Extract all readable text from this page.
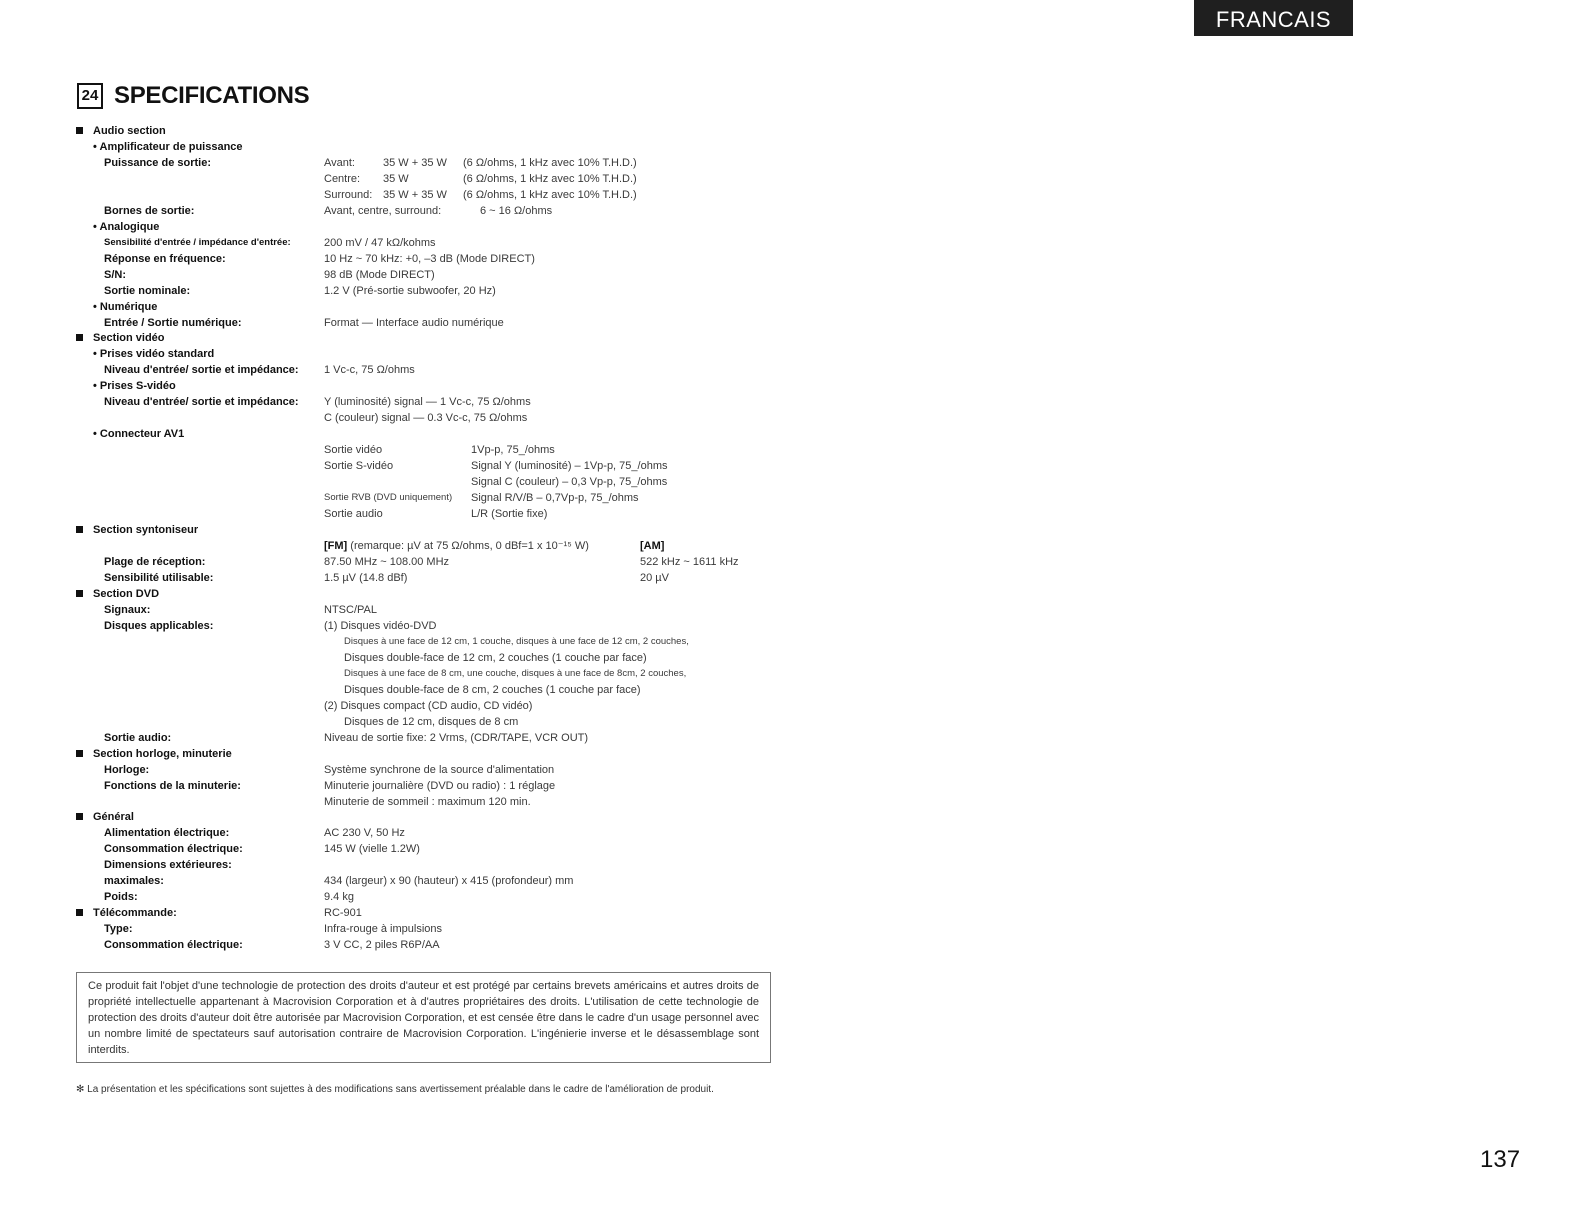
FRANCAIS
24 SPECIFICATIONS
Audio section
• Amplificateur de puissance
Puissance de sortie:	Avant:	35 W + 35 W (6 Ω/ohms, 1 kHz avec 10% T.H.D.)
Centre: 35 W	(6 Ω/ohms, 1 kHz avec 10% T.H.D.)
Surround: 35 W + 35 W (6 Ω/ohms, 1 kHz avec 10% T.H.D.)
Bornes de sortie:	Avant, centre, surround:	6 ~ 16 Ω/ohms
• Analogique
Sensibilité d'entrée / impédance d'entrée:	200 mV / 47 kΩ/kohms
Réponse en fréquence:	10 Hz ~ 70 kHz: +0, –3 dB (Mode DIRECT)
S/N:	98 dB (Mode DIRECT)
Sortie nominale:	1.2 V (Pré-sortie subwoofer, 20 Hz)
• Numérique
Entrée / Sortie numérique:	Format — Interface audio numérique
Section vidéo
• Prises vidéo standard
Niveau d'entrée/ sortie et impédance: 1 Vc-c, 75 Ω/ohms
• Prises S-vidéo
Niveau d'entrée/ sortie et impédance: Y (luminosité) signal — 1 Vc-c, 75 Ω/ohms
C (couleur) signal — 0.3 Vc-c, 75 Ω/ohms
• Connecteur AV1
Sortie vidéo	1Vp-p, 75_/ohms
Sortie S-vidéo	Signal Y (luminosité) – 1Vp-p, 75_/ohms
Signal C (couleur) – 0,3 Vp-p, 75_/ohms
Sortie RVB (DVD uniquement) Signal R/V/B – 0,7Vp-p, 75_/ohms
Sortie audio	L/R (Sortie fixe)
Section syntoniseur
[FM] (remarque: µV at 75 Ω/ohms, 0 dBf=1 x 10⁻¹⁵ W)	[AM]
Plage de réception:	87.50 MHz ~ 108.00 MHz	522 kHz ~ 1611 kHz
Sensibilité utilisable:	1.5 µV (14.8 dBf)	20 µV
Section DVD
Signaux:	NTSC/PAL
Disques applicables:	(1) Disques vidéo-DVD
Disques à une face de 12 cm, 1 couche, disques à une face de 12 cm, 2 couches,
Disques double-face de 12 cm, 2 couches (1 couche par face)
Disques à une face de 8 cm, une couche, disques à une face de 8cm, 2 couches,
Disques double-face de 8 cm, 2 couches (1 couche par face)
(2) Disques compact (CD audio, CD vidéo)
Disques de 12 cm, disques de 8 cm
Sortie audio:	Niveau de sortie fixe: 2 Vrms, (CDR/TAPE, VCR OUT)
Section horloge, minuterie
Horloge:	Système synchrone de la source d'alimentation
Fonctions de la minuterie:	Minuterie journalière (DVD ou radio) : 1 réglage
Minuterie de sommeil : maximum 120 min.
Général
Alimentation électrique:	AC 230 V, 50 Hz
Consommation électrique:	145 W (vielle 1.2W)
Dimensions extérieures:
maximales:	434 (largeur) x 90 (hauteur) x 415 (profondeur) mm
Poids:	9.4 kg
Télécommande:	RC-901
Type:	Infra-rouge à impulsions
Consommation électrique:	3 V CC, 2 piles R6P/AA
Ce produit fait l'objet d'une technologie de protection des droits d'auteur et est protégé par certains brevets américains et autres droits de propriété intellectuelle appartenant à Macrovision Corporation et à d'autres propriétaires des droits. L'utilisation de cette technologie de protection des droits d'auteur doit être autorisée par Macrovision Corporation, et est censée être dans le cadre d'un usage personnel avec un nombre limité de spectateurs sauf autorisation contraire de Macrovision Corporation. L'ingénierie inverse et le désassemblage sont interdits.
✻ La présentation et les spécifications sont sujettes à des modifications sans avertissement préalable dans le cadre de l'amélioration de produit.
137
